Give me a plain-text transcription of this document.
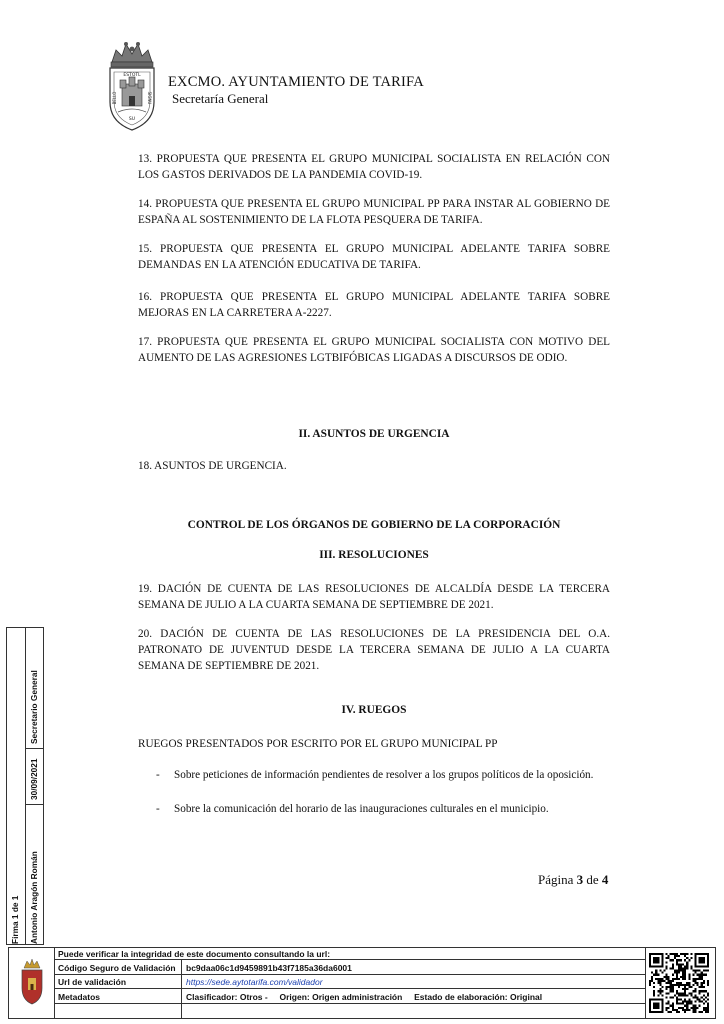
ESTOTL
BELLO	SIGNU
SU
EXCMO. AYUNTAMIENTO DE TARIFA
Secretaría General
13. PROPUESTA QUE PRESENTA EL GRUPO MUNICIPAL SOCIALISTA EN RELACIÓN CON LOS GASTOS DERIVADOS DE LA PANDEMIA COVID-19.
14. PROPUESTA QUE PRESENTA EL GRUPO MUNICIPAL PP PARA INSTAR AL GOBIERNO DE ESPAÑA AL SOSTENIMIENTO DE LA FLOTA PESQUERA DE TARIFA.
15. PROPUESTA QUE PRESENTA EL GRUPO MUNICIPAL ADELANTE TARIFA SOBRE DEMANDAS EN LA ATENCIÓN EDUCATIVA DE TARIFA.
16. PROPUESTA QUE PRESENTA EL GRUPO MUNICIPAL ADELANTE TARIFA SOBRE MEJORAS EN LA CARRETERA A-2227.
17. PROPUESTA QUE PRESENTA EL GRUPO MUNICIPAL SOCIALISTA CON MOTIVO DEL AUMENTO DE LAS AGRESIONES LGTBIFÓBICAS LIGADAS A DISCURSOS DE ODIO.
II. ASUNTOS DE URGENCIA
18. ASUNTOS DE URGENCIA.
CONTROL DE LOS ÓRGANOS DE GOBIERNO DE LA CORPORACIÓN
III. RESOLUCIONES
19. DACIÓN DE CUENTA DE LAS RESOLUCIONES DE ALCALDÍA DESDE LA TERCERA SEMANA DE JULIO A LA CUARTA SEMANA DE SEPTIEMBRE DE 2021.
20. DACIÓN DE CUENTA DE LAS RESOLUCIONES DE LA PRESIDENCIA DEL O.A. PATRONATO DE JUVENTUD DESDE LA TERCERA SEMANA DE JULIO A LA CUARTA SEMANA DE SEPTIEMBRE DE 2021.
IV. RUEGOS
RUEGOS PRESENTADOS POR ESCRITO POR EL GRUPO MUNICIPAL PP
- Sobre peticiones de información pendientes de resolver a los grupos políticos de la oposición.
- Sobre la comunicación del horario de las inauguraciones culturales en el municipio.
Página 3 de 4
Firma 1 de 1 Antonio Aragón Román
30/09/2021
Secretario General
Puede verificar la integridad de este documento consultando la url:
Código Seguro de Validación	bc9daa06c1d9459891b43f7185a36da6001
Url de validación	https://sede.aytotarifa.com/validador
Metadatos	Clasificador: Otros -     Origen: Origen administración     Estado de elaboración: Original
